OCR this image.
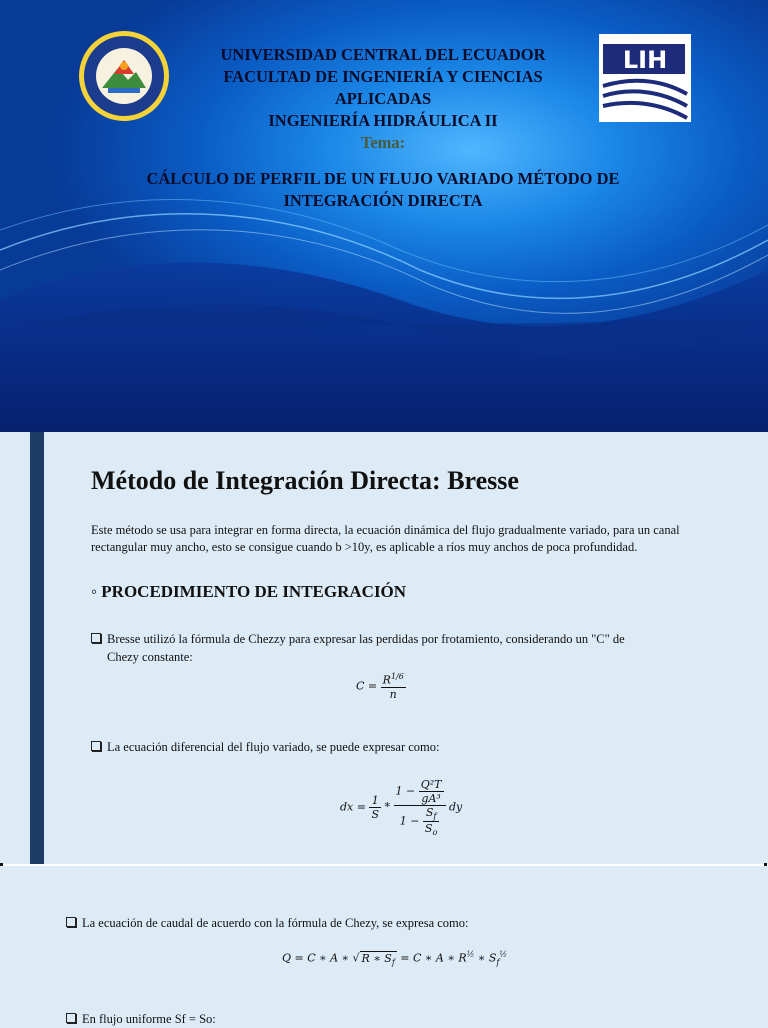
LIH
UNIVERSIDAD CENTRAL DEL ECUADOR
FACULTAD DE INGENIERÍA Y CIENCIAS
APLICADAS
INGENIERÍA HIDRÁULICA II
Tema:
CÁLCULO DE PERFIL DE UN FLUJO VARIADO MÉTODO DE
INTEGRACIÓN DIRECTA
Método de Integración Directa: Bresse
Este método se usa para integrar en forma directa, la ecuación dinámica del flujo gradualmente variado, para un canal rectangular muy ancho, esto se consigue cuando b >10y, es aplicable a ríos muy anchos de poca profundidad.
◦ PROCEDIMIENTO DE INTEGRACIÓN
Bresse utilizó la fórmula de Chezzy para expresar las perdidas por frotamiento, considerando un "C" de
Chezy constante:
$C = \frac{R^{1/6}}{n}$
La ecuación diferencial del flujo variado, se puede expresar como:
dx = $\frac{1}{S} * \frac{1 - \frac{\text{Q²T}}{\text{gA³}}}{1 - \frac{S_f}{S_o}}$ dy
La ecuación de caudal de acuerdo con la fórmula de Chezy, se expresa como:
Q = C ∗ A ∗ √ R ∗ $S_f = C$ ∗ A ∗ $R^{\frac{1}{2}}$ ∗ $S_f^{\frac{1}{2}}$
En flujo uniforme Sf = So:
